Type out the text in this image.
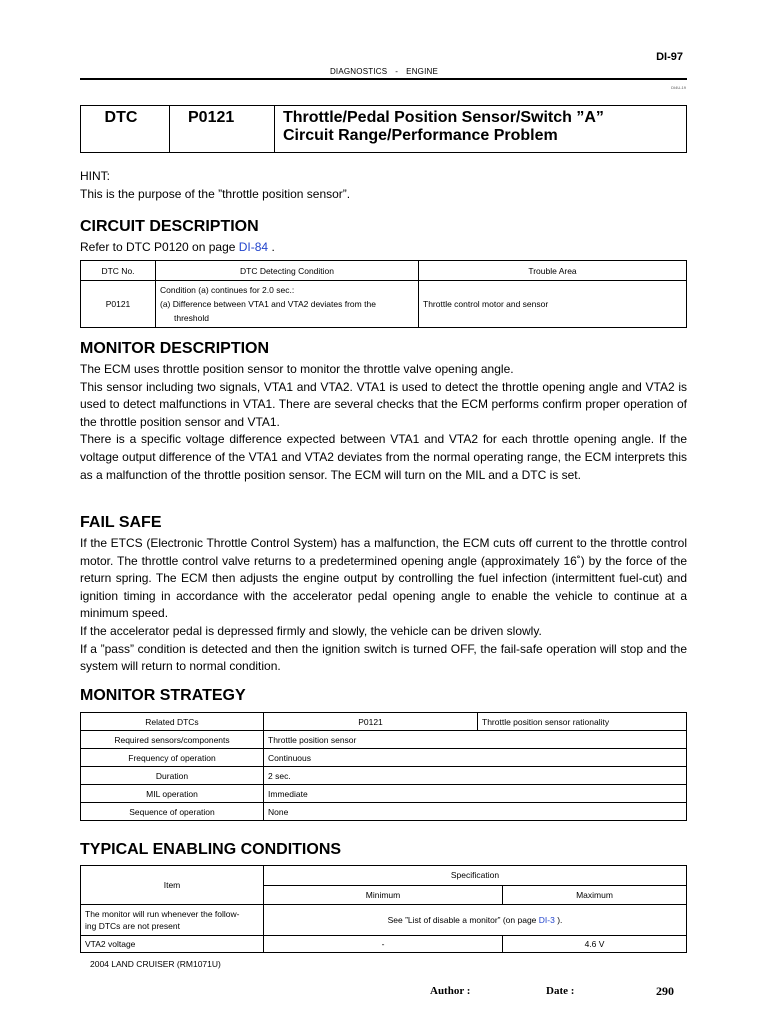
DI-97
DIAGNOSTICS - ENGINE
DI4U-19
DTC	P0121	Throttle/Pedal Position Sensor/Switch ”A”
Circuit Range/Performance Problem
HINT:
This is the purpose of the ”throttle position sensor”.
CIRCUIT DESCRIPTION
Refer to DTC P0120 on page DI-84 .
DTC No.	DTC Detecting Condition	Trouble Area
P0121	Condition (a) continues for 2.0 sec.:
(a) Difference between VTA1 and VTA2 deviates from the
threshold	Throttle control motor and sensor
MONITOR DESCRIPTION
The ECM uses throttle position sensor to monitor the throttle valve opening angle.
This sensor including two signals, VTA1 and VTA2. VTA1 is used to detect the throttle opening angle and VTA2 is used to detect malfunctions in VTA1. There are several checks that the ECM performs confirm proper operation of the throttle position sensor and VTA1.
There is a specific voltage difference expected between VTA1 and VTA2 for each throttle opening angle. If the voltage output difference of the VTA1 and VTA2 deviates from the normal operating range, the ECM interprets this as a malfunction of the throttle position sensor. The ECM will turn on the MIL and a DTC is set.
FAIL SAFE
If the ETCS (Electronic Throttle Control System) has a malfunction, the ECM cuts off current to the throttle control motor. The throttle control valve returns to a predetermined opening angle (approximately 16˚) by the force of the return spring. The ECM then adjusts the engine output by controlling the fuel infection (intermittent fuel-cut) and ignition timing in accordance with the accelerator pedal opening angle to enable the vehicle to continue at a minimum speed.
If the accelerator pedal is depressed firmly and slowly, the vehicle can be driven slowly.
If a ”pass” condition is detected and then the ignition switch is turned OFF, the fail-safe operation will stop and the system will return to normal condition.
MONITOR STRATEGY
Related DTCs	P0121	Throttle position sensor rationality
Required sensors/components	Throttle position sensor	
Frequency of operation	Continuous	
Duration	2 sec.	
MIL operation	Immediate	
Sequence of operation	None	
TYPICAL ENABLING CONDITIONS
Item	Specification	
	Minimum	Maximum

The monitor will run whenever the follow-
ing DTCs are not present	See ”List of disable a monitor” (on page DI-3 ).	
VTA2 voltage	-	4.6 V
2004 LAND CRUISER (RM1071U)
Author :	Date :	290
